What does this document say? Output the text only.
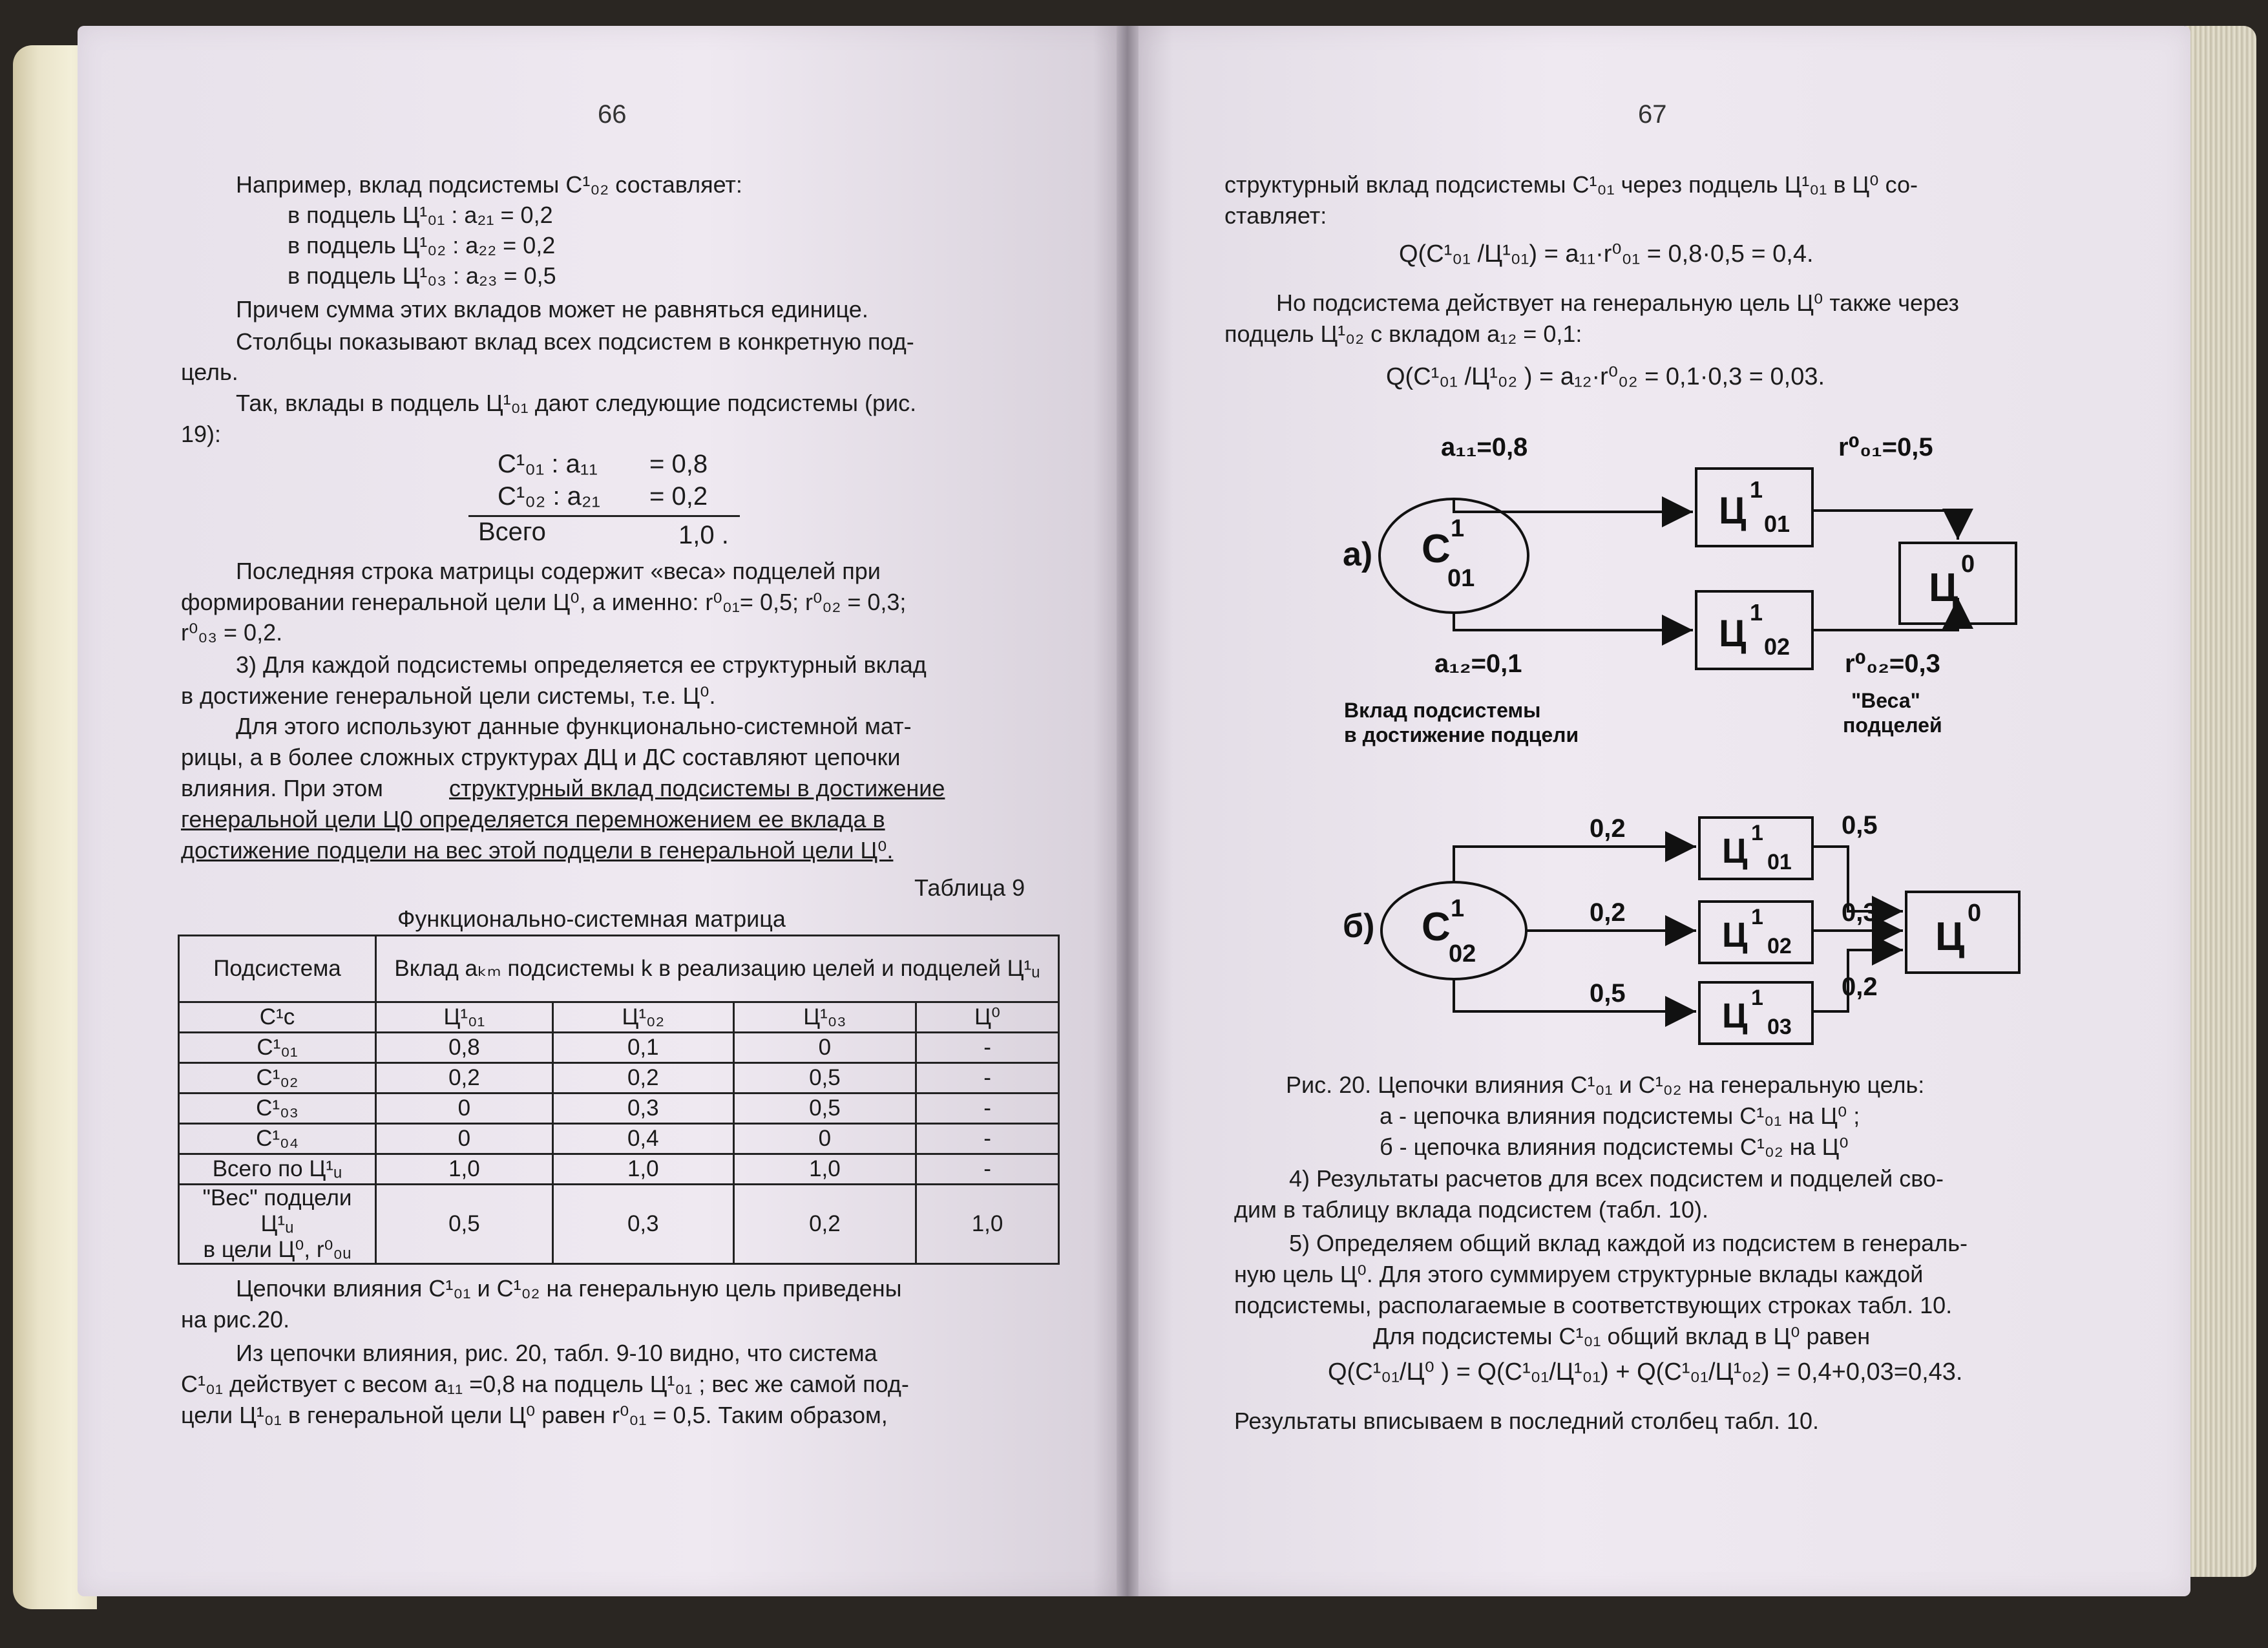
66
Например, вклад подсистемы С¹₀₂ составляет:
в подцель Ц¹₀₁ : a₂₁ = 0,2
в подцель Ц¹₀₂ : a₂₂ = 0,2
в подцель Ц¹₀₃ : a₂₃ = 0,5
Причем сумма этих вкладов может не равняться единице.
Столбцы показывают вклад всех подсистем в конкретную под-
цель.
Так, вклады в подцель Ц¹₀₁ дают следующие подсистемы (рис.
19):
С¹₀₁ : a₁₁ = 0,8
С¹₀₂ : a₂₁ = 0,2
Всего	1,0 .
Последняя строка матрицы содержит «веса» подцелей при
формировании генеральной цели Ц⁰, а именно: r⁰₀₁= 0,5; r⁰₀₂ = 0,3;
r⁰₀₃ = 0,2.
3) Для каждой подсистемы определяется ее структурный вклад
в достижение генеральной цели системы, т.е. Ц⁰.
Для этого используют данные функционально-системной мат-
рицы, а в более сложных структурах ДЦ и ДС составляют цепочки
влияния. При этом	структурный вклад подсистемы в достижение
генеральной цели Ц0 определяется перемножением ее вклада в
достижение подцели на вес этой подцели в генеральной цели Ц⁰.
Таблица 9
Функционально-системная матрица
Подсистема	Вклад aₖₘ подсистемы k в реализацию целей и подцелей Ц¹ᵤ			
С¹с	Ц¹₀₁	Ц¹₀₂	Ц¹₀₃	Ц⁰
С¹₀₁	0,8	0,1	0	-
С¹₀₂	0,2	0,2	0,5	-
С¹₀₃	0	0,3	0,5	-
С¹₀₄	0	0,4	0	-
Всего по Ц¹ᵤ	1,0	1,0	1,0	-

"Вес" подцели Ц¹ᵤ
в цели Ц⁰, r⁰₀ᵤ	0,5	0,3	0,2	1,0
Цепочки влияния С¹₀₁ и С¹₀₂ на генеральную цель приведены
на рис.20.
Из цепочки влияния, рис. 20, табл. 9-10 видно, что система
С¹₀₁ действует с весом a₁₁ =0,8 на подцель Ц¹₀₁ ; вес же самой под-
цели Ц¹₀₁ в генеральной цели Ц⁰ равен r⁰₀₁ = 0,5. Таким образом,
67
структурный вклад подсистемы С¹₀₁ через подцель Ц¹₀₁ в Ц⁰ со-
ставляет:
Q(С¹₀₁ /Ц¹₀₁) = a₁₁·r⁰₀₁ = 0,8·0,5 = 0,4.
Но подсистема действует на генеральную цель Ц⁰ также через
подцель Ц¹₀₂ с вкладом a₁₂ = 0,1:
Q(С¹₀₁ /Ц¹₀₂ ) = a₁₂·r⁰₀₂ = 0,1·0,3 = 0,03.
а) С 1
01
a₁₁=0,8
a₁₂=0,1
Ц
1
01
Ц
1
02
r⁰₀₁=0,5
r⁰₀₂=0,3
Ц
0
Вклад подсистемы
в достижение подцели
"Веса"
подцелей
б) С 1
02
0,2
0,2
0,5
Ц 1
01
Ц 1
02
Ц 1
03
0,5
0,3
0,2
Ц
0
Рис. 20. Цепочки влияния С¹₀₁ и С¹₀₂ на генеральную цель:
а - цепочка влияния подсистемы С¹₀₁ на Ц⁰ ;
б - цепочка влияния подсистемы С¹₀₂ на Ц⁰
4) Результаты расчетов для всех подсистем и подцелей сво-
дим в таблицу вклада подсистем (табл. 10).
5) Определяем общий вклад каждой из подсистем в генераль-
ную цель Ц⁰. Для этого суммируем структурные вклады каждой
подсистемы, располагаемые в соответствующих строках табл. 10.
Для подсистемы С¹₀₁ общий вклад в Ц⁰ равен
Q(С¹₀₁/Ц⁰ ) = Q(С¹₀₁/Ц¹₀₁) + Q(С¹₀₁/Ц¹₀₂) = 0,4+0,03=0,43.
Результаты вписываем в последний столбец табл. 10.
